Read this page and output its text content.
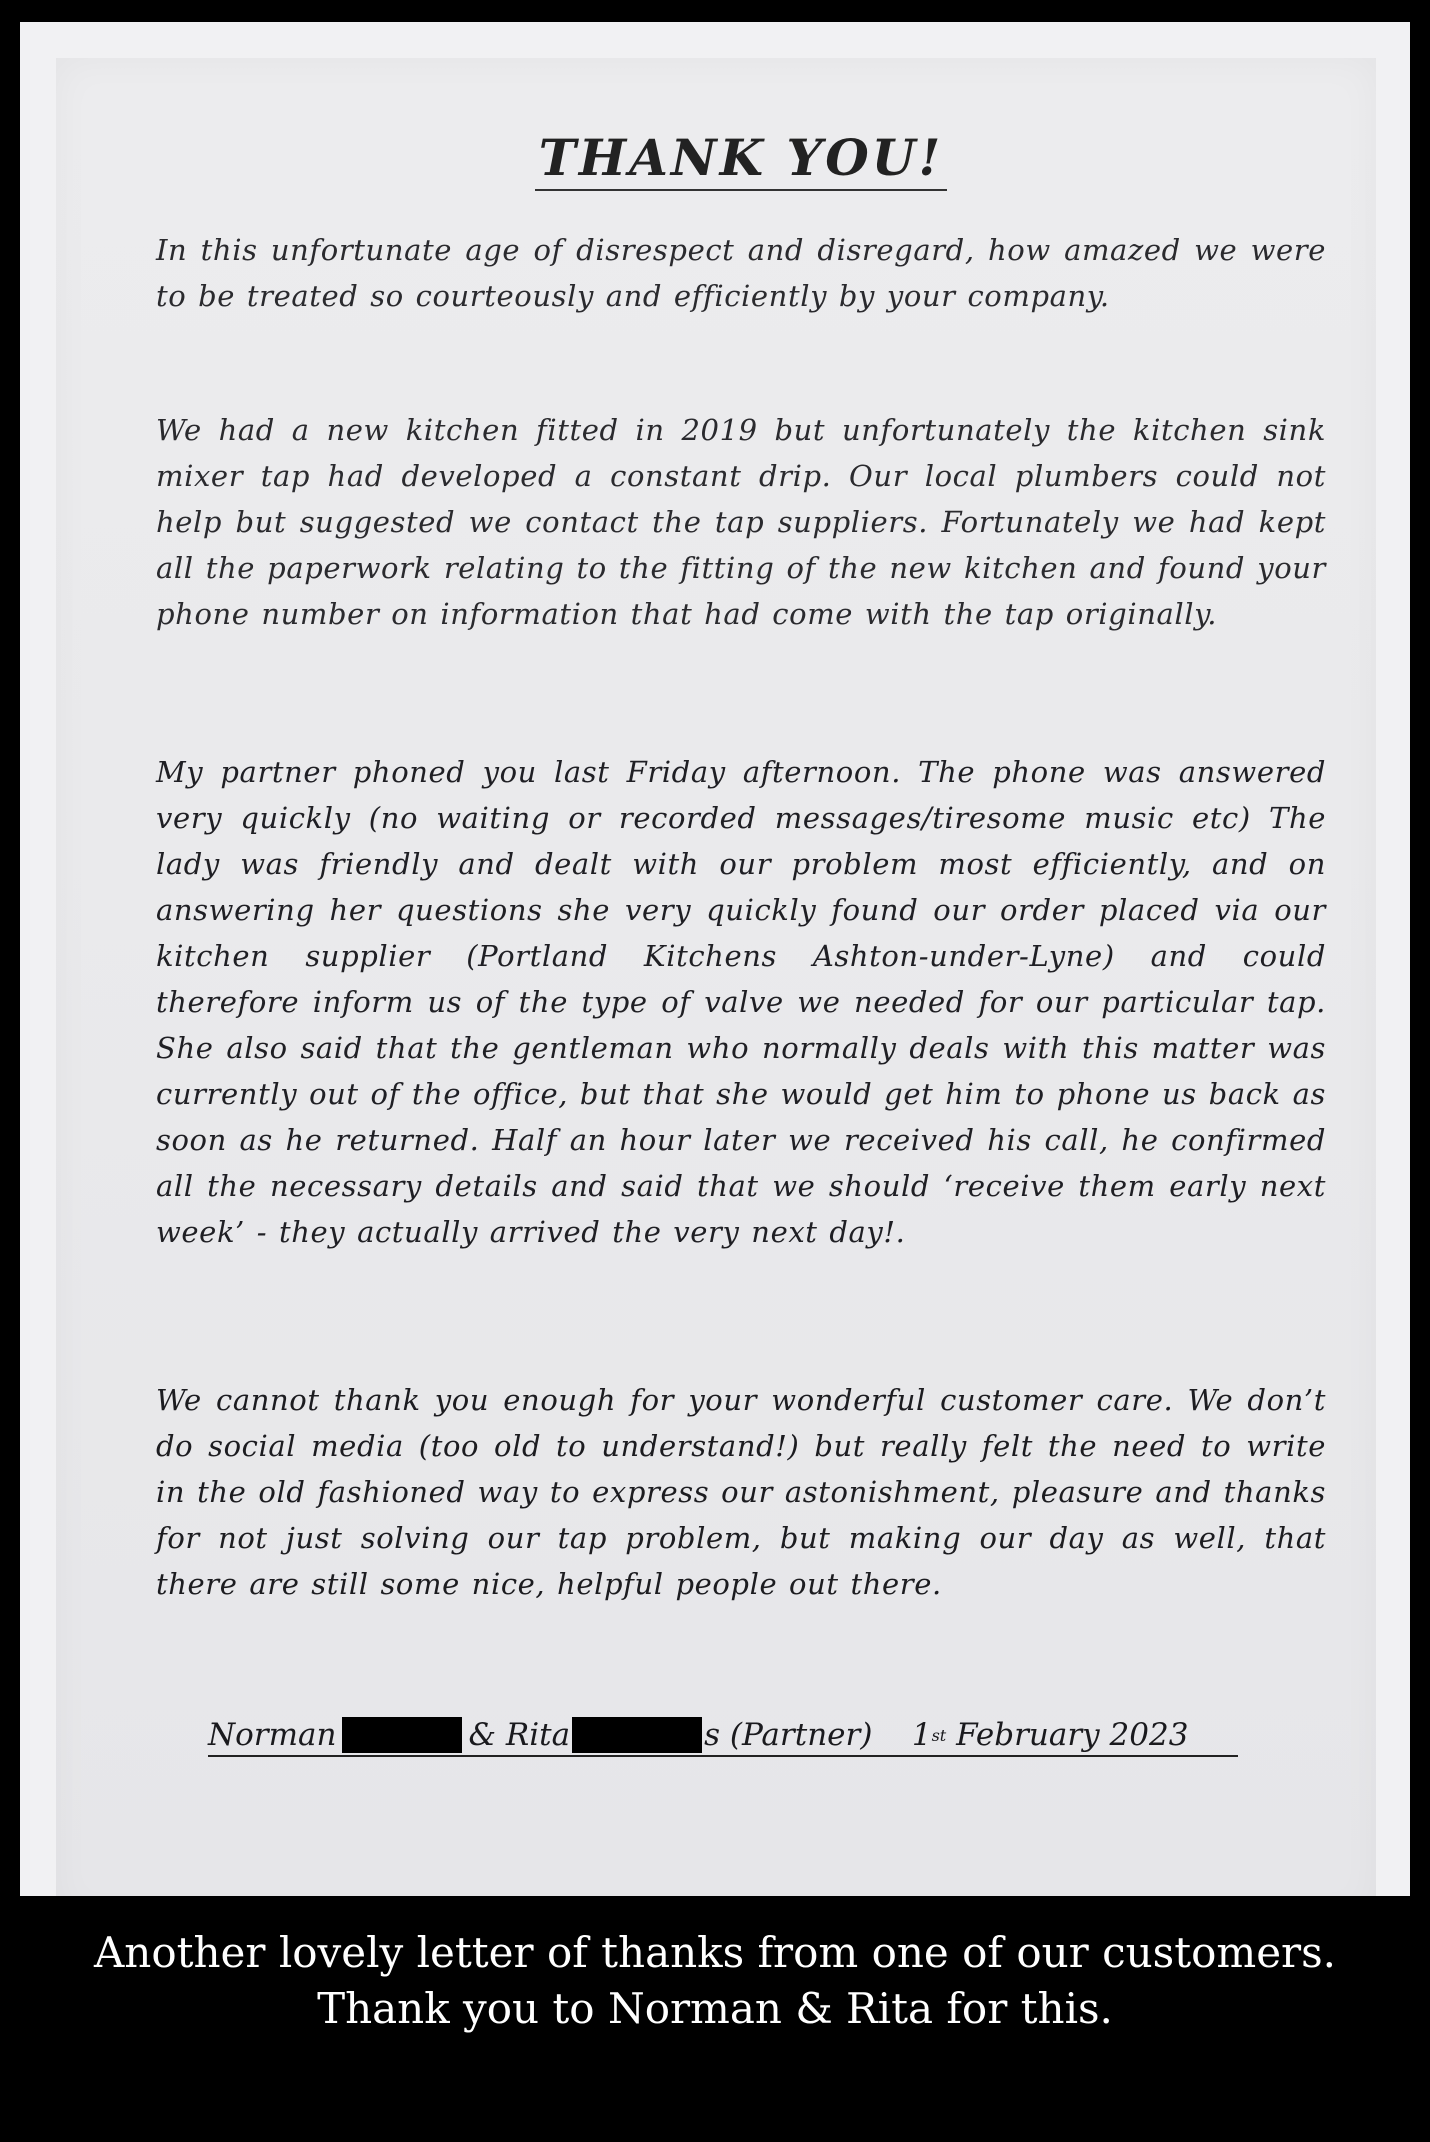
THANK YOU!

In this unfortunate age of disrespect and disregard, how amazed we were to be treated so courteously and efficiently by your company.

We had a new kitchen fitted in 2019 but unfortunately the kitchen sink mixer tap had developed a constant drip. Our local plumbers could not help but suggested we contact the tap suppliers. Fortunately we had kept all the paperwork relating to the fitting of the new kitchen and found your phone number on information that had come with the tap originally.

My partner phoned you last Friday afternoon. The phone was answered very quickly (no waiting or recorded messages/tiresome music etc) The lady was friendly and dealt with our problem most efficiently, and on answering her questions she very quickly found our order placed via our kitchen supplier (Portland Kitchens Ashton-under-Lyne) and could therefore inform us of the type of valve we needed for our particular tap. She also said that the gentleman who normally deals with this matter was currently out of the office, but that she would get him to phone us back as soon as he returned. Half an hour later we received his call, he confirmed all the necessary details and said that we should ‘receive them early next week’ - they actually arrived the very next day!.

We cannot thank you enough for your wonderful customer care. We don’t do social media (too old to understand!) but really felt the need to write in the old fashioned way to express our astonishment, pleasure and thanks for not just solving our tap problem, but making our day as well, that there are still some nice, helpful people out there.

Norman	& Rita	s (Partner)
1 st
February 2023
Another lovely letter of thanks from one of our customers.
Thank you to Norman & Rita for this.
